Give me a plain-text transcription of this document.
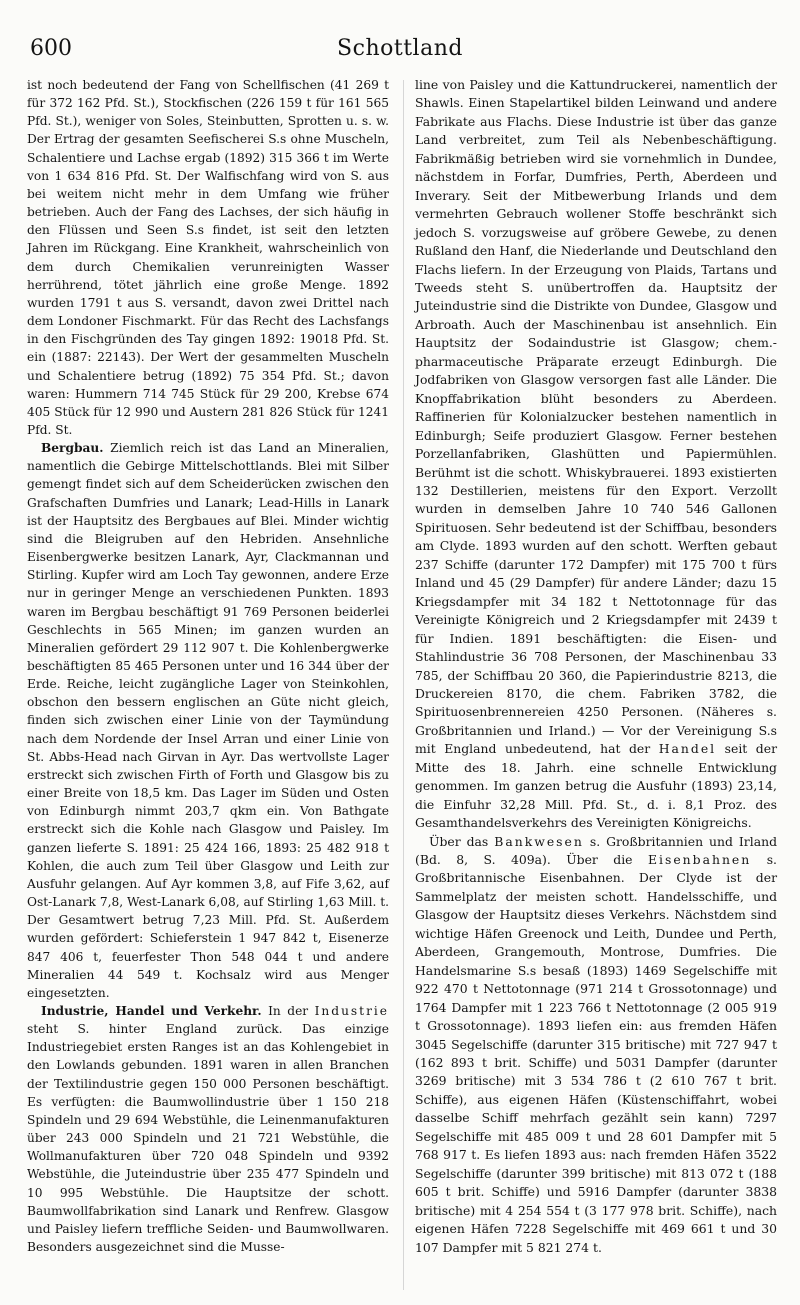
600	Schottland

ist noch bedeutend der Fang von Schellfischen (41 269 t für 372 162 Pfd. St.), Stockfischen (226 159 t für 161 565 Pfd. St.), weniger von Soles, Steinbutten, Sprotten u. s. w. Der Ertrag der gesamten Seefischerei S.s ohne Muscheln, Schalentiere und Lachse ergab (1892) 315 366 t im Werte von 1 634 816 Pfd. St. Der Walfischfang wird von S. aus bei weitem nicht mehr in dem Umfang wie früher betrieben. Auch der Fang des Lachses, der sich häufig in den Flüssen und Seen S.s findet, ist seit den letzten Jahren im Rückgang. Eine Krankheit, wahrscheinlich von dem durch Chemikalien verunreinigten Wasser herrührend, tötet jährlich eine große Menge. 1892 wurden 1791 t aus S. versandt, davon zwei Drittel nach dem Londoner Fischmarkt. Für das Recht des Lachsfangs in den Fischgründen des Tay gingen 1892: 19018 Pfd. St. ein (1887: 22143). Der Wert der gesammelten Muscheln und Schalentiere betrug (1892) 75 354 Pfd. St.; davon waren: Hummern 714 745 Stück für 29 200, Krebse 674 405 Stück für 12 990 und Austern 281 826 Stück für 1241 Pfd. St.

Bergbau. Ziemlich reich ist das Land an Mineralien, namentlich die Gebirge Mittelschottlands. Blei mit Silber gemengt findet sich auf dem Scheiderücken zwischen den Grafschaften Dumfries und Lanark; Lead-Hills in Lanark ist der Hauptsitz des Bergbaues auf Blei. Minder wichtig sind die Bleigruben auf den Hebriden. Ansehnliche Eisenbergwerke besitzen Lanark, Ayr, Clackmannan und Stirling. Kupfer wird am Loch Tay gewonnen, andere Erze nur in geringer Menge an verschiedenen Punkten. 1893 waren im Bergbau beschäftigt 91 769 Personen beiderlei Geschlechts in 565 Minen; im ganzen wurden an Mineralien gefördert 29 112 907 t. Die Kohlenbergwerke beschäftigten 85 465 Personen unter und 16 344 über der Erde. Reiche, leicht zugängliche Lager von Steinkohlen, obschon den bessern englischen an Güte nicht gleich, finden sich zwischen einer Linie von der Taymündung nach dem Nordende der Insel Arran und einer Linie von St. Abbs-Head nach Girvan in Ayr. Das wertvollste Lager erstreckt sich zwischen Firth of Forth und Glasgow bis zu einer Breite von 18,5 km. Das Lager im Süden und Osten von Edinburgh nimmt 203,7 qkm ein. Von Bathgate erstreckt sich die Kohle nach Glasgow und Paisley. Im ganzen lieferte S. 1891: 25 424 166, 1893: 25 482 918 t Kohlen, die auch zum Teil über Glasgow und Leith zur Ausfuhr gelangen. Auf Ayr kommen 3,8, auf Fife 3,62, auf Ost-Lanark 7,8, West-Lanark 6,08, auf Stirling 1,63 Mill. t. Der Gesamtwert betrug 7,23 Mill. Pfd. St. Außerdem wurden gefördert: Schieferstein 1 947 842 t, Eisenerze 847 406 t, feuerfester Thon 548 044 t und andere Mineralien 44 549 t. Kochsalz wird aus Menger eingesetzten.

Industrie, Handel und Verkehr. In der Industrie steht S. hinter England zurück. Das einzige Industriegebiet ersten Ranges ist an das Kohlengebiet in den Lowlands gebunden. 1891 waren in allen Branchen der Textilindustrie gegen 150 000 Personen beschäftigt. Es verfügten: die Baumwollindustrie über 1 150 218 Spindeln und 29 694 Webstühle, die Leinenmanufakturen über 243 000 Spindeln und 21 721 Webstühle, die Wollmanufakturen über 720 048 Spindeln und 9392 Webstühle, die Juteindustrie über 235 477 Spindeln und 10 995 Webstühle. Die Hauptsitze der schott. Baumwollfabrikation sind Lanark und Renfrew. Glasgow und Paisley liefern treffliche Seiden- und Baumwollwaren. Besonders ausgezeichnet sind die Musse-

line von Paisley und die Kattundruckerei, namentlich der Shawls. Einen Stapelartikel bilden Leinwand und andere Fabrikate aus Flachs. Diese Industrie ist über das ganze Land verbreitet, zum Teil als Nebenbeschäftigung. Fabrikmäßig betrieben wird sie vornehmlich in Dundee, nächstdem in Forfar, Dumfries, Perth, Aberdeen und Inverary. Seit der Mitbewerbung Irlands und dem vermehrten Gebrauch wollener Stoffe beschränkt sich jedoch S. vorzugsweise auf gröbere Gewebe, zu denen Rußland den Hanf, die Niederlande und Deutschland den Flachs liefern. In der Erzeugung von Plaids, Tartans und Tweeds steht S. unübertroffen da. Hauptsitz der Juteindustrie sind die Distrikte von Dundee, Glasgow und Arbroath. Auch der Maschinenbau ist ansehnlich. Ein Hauptsitz der Sodaindustrie ist Glasgow; chem.-pharmaceutische Präparate erzeugt Edinburgh. Die Jodfabriken von Glasgow versorgen fast alle Länder. Die Knopffabrikation blüht besonders zu Aberdeen. Raffinerien für Kolonialzucker bestehen namentlich in Edinburgh; Seife produziert Glasgow. Ferner bestehen Porzellanfabriken, Glashütten und Papiermühlen. Berühmt ist die schott. Whiskybrauerei. 1893 existierten 132 Destillerien, meistens für den Export. Verzollt wurden in demselben Jahre 10 740 546 Gallonen Spirituosen. Sehr bedeutend ist der Schiffbau, besonders am Clyde. 1893 wurden auf den schott. Werften gebaut 237 Schiffe (darunter 172 Dampfer) mit 175 700 t fürs Inland und 45 (29 Dampfer) für andere Länder; dazu 15 Kriegsdampfer mit 34 182 t Nettotonnage für das Vereinigte Königreich und 2 Kriegsdampfer mit 2439 t für Indien. 1891 beschäftigten: die Eisen- und Stahlindustrie 36 708 Personen, der Maschinenbau 33 785, der Schiffbau 20 360, die Papierindustrie 8213, die Druckereien 8170, die chem. Fabriken 3782, die Spirituosenbrennereien 4250 Personen. (Näheres s. Großbritannien und Irland.) — Vor der Vereinigung S.s mit England unbedeutend, hat der Handel seit der Mitte des 18. Jahrh. eine schnelle Entwicklung genommen. Im ganzen betrug die Ausfuhr (1893) 23,14, die Einfuhr 32,28 Mill. Pfd. St., d. i. 8,1 Proz. des Gesamthandelsverkehrs des Vereinigten Königreichs.

Über das Bankwesen s. Großbritannien und Irland (Bd. 8, S. 409a). Über die Eisenbahnen s. Großbritannische Eisenbahnen. Der Clyde ist der Sammelplatz der meisten schott. Handelsschiffe, und Glasgow der Hauptsitz dieses Verkehrs. Nächstdem sind wichtige Häfen Greenock und Leith, Dundee und Perth, Aberdeen, Grangemouth, Montrose, Dumfries. Die Handelsmarine S.s besaß (1893) 1469 Segelschiffe mit 922 470 t Nettotonnage (971 214 t Grossotonnage) und 1764 Dampfer mit 1 223 766 t Nettotonnage (2 005 919 t Grossotonnage). 1893 liefen ein: aus fremden Häfen 3045 Segelschiffe (darunter 315 britische) mit 727 947 t (162 893 t brit. Schiffe) und 5031 Dampfer (darunter 3269 britische) mit 3 534 786 t (2 610 767 t brit. Schiffe), aus eigenen Häfen (Küstenschiffahrt, wobei dasselbe Schiff mehrfach gezählt sein kann) 7297 Segelschiffe mit 485 009 t und 28 601 Dampfer mit 5 768 917 t. Es liefen 1893 aus: nach fremden Häfen 3522 Segelschiffe (darunter 399 britische) mit 813 072 t (188 605 t brit. Schiffe) und 5916 Dampfer (darunter 3838 britische) mit 4 254 554 t (3 177 978 brit. Schiffe), nach eigenen Häfen 7228 Segelschiffe mit 469 661 t und 30 107 Dampfer mit 5 821 274 t.
